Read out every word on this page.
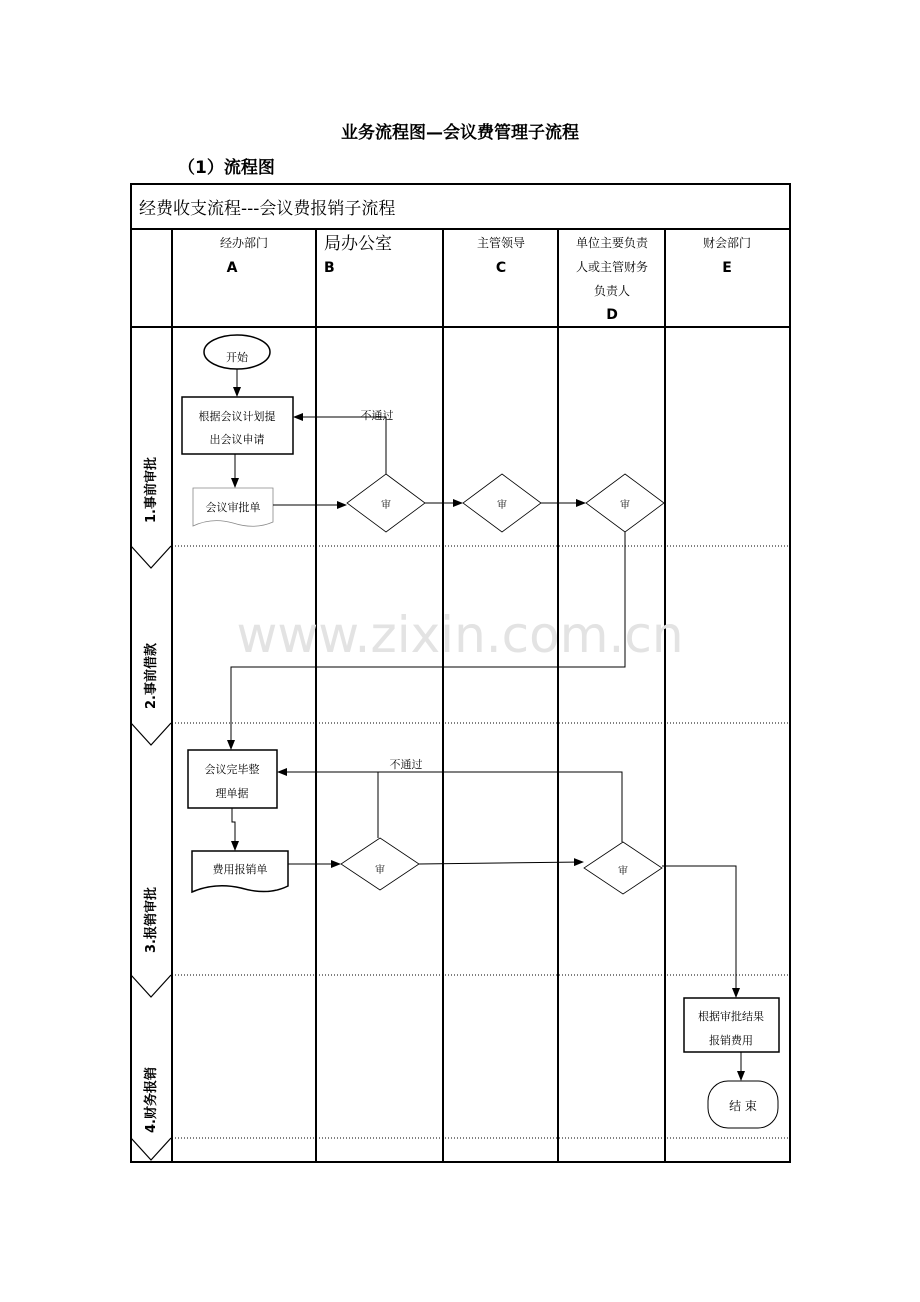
业务流程图—会议费管理子流程
（1）流程图
经费收支流程---会议费报销子流程
经办部门
A
局办公室
B
主管领导
C
单位主要负责
人或主管财务
负责人
D
财会部门
E
1.事前审批
2.事前借款
3.报销审批
4.财务报销
www.zixin.com.cn
开始
根据会议计划提
出会议申请
会议审批单	审	审	审
会议完毕整
理单据
费用报销单	审	审
根据审批结果
报销费用
结 束
不通过
不通过
